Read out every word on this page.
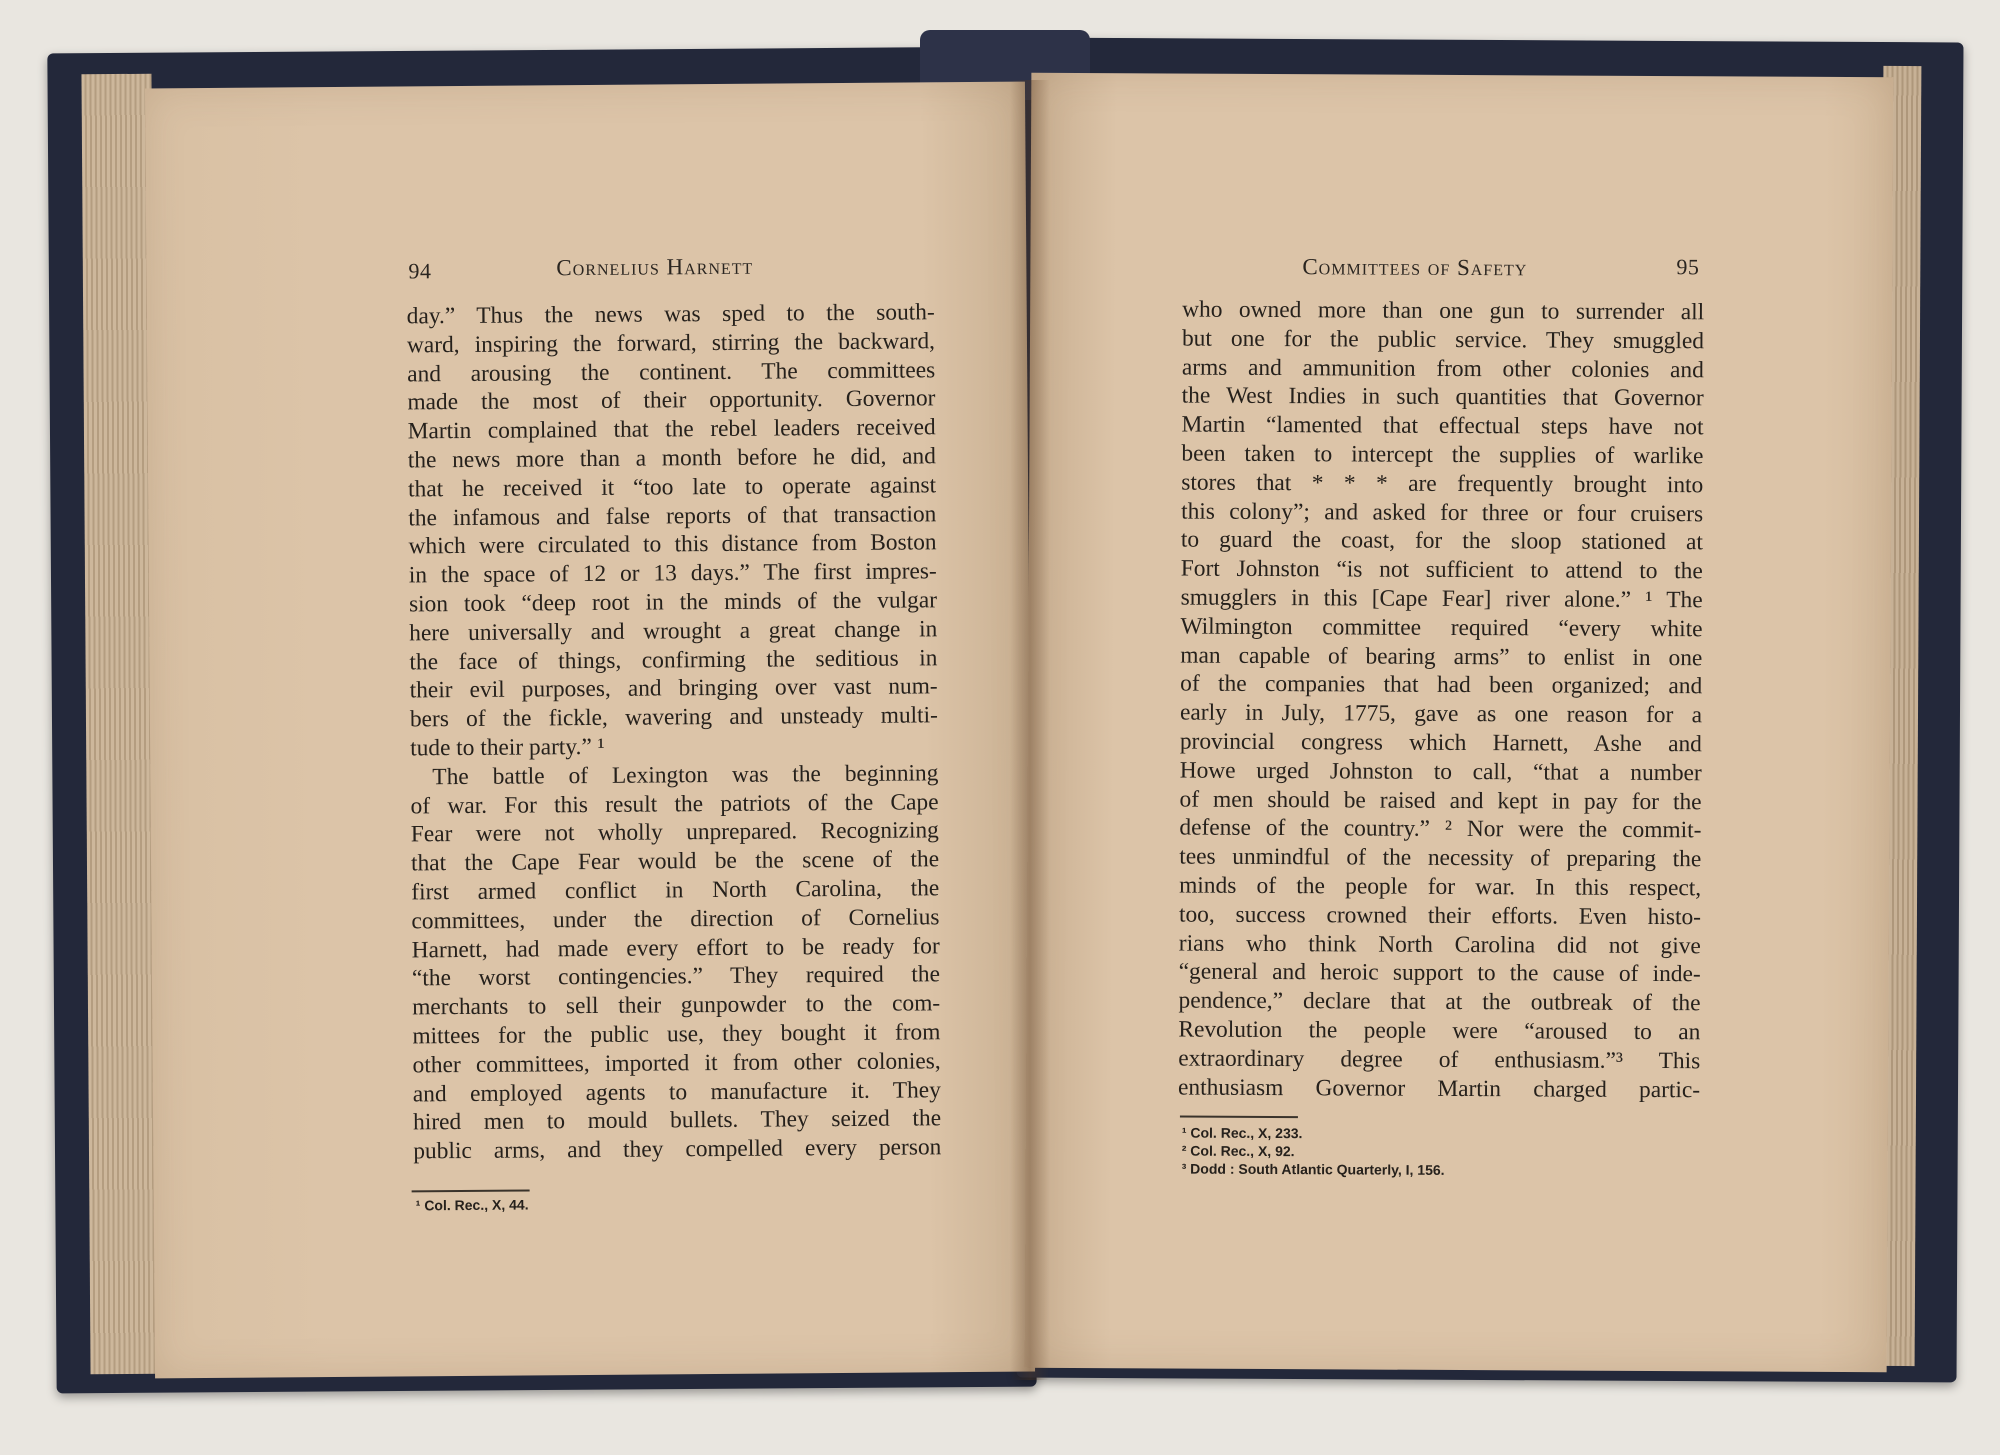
94	Cornelius Harnett
day.” Thus the news was sped to the south-
ward, inspiring the forward, stirring the backward,
and arousing the continent. The committees
made the most of their opportunity. Governor
Martin complained that the rebel leaders received
the news more than a month before he did, and
that he received it “too late to operate against
the infamous and false reports of that transaction
which were circulated to this distance from Boston
in the space of 12 or 13 days.” The first impres-
sion took “deep root in the minds of the vulgar
here universally and wrought a great change in
the face of things, confirming the seditious in
their evil purposes, and bringing over vast num-
bers of the fickle, wavering and unsteady multi-
tude to their party.” ¹
The battle of Lexington was the beginning
of war. For this result the patriots of the Cape
Fear were not wholly unprepared. Recognizing
that the Cape Fear would be the scene of the
first armed conflict in North Carolina, the
committees, under the direction of Cornelius
Harnett, had made every effort to be ready for
“the worst contingencies.” They required the
merchants to sell their gunpowder to the com-
mittees for the public use, they bought it from
other committees, imported it from other colonies,
and employed agents to manufacture it. They
hired men to mould bullets. They seized the
public arms, and they compelled every person
¹ Col. Rec., X, 44.
Committees of Safety	95
who owned more than one gun to surrender all
but one for the public service. They smuggled
arms and ammunition from other colonies and
the West Indies in such quantities that Governor
Martin “lamented that effectual steps have not
been taken to intercept the supplies of warlike
stores that * * * are frequently brought into
this colony”; and asked for three or four cruisers
to guard the coast, for the sloop stationed at
Fort Johnston “is not sufficient to attend to the
smugglers in this [Cape Fear] river alone.” ¹ The
Wilmington committee required “every white
man capable of bearing arms” to enlist in one
of the companies that had been organized; and
early in July, 1775, gave as one reason for a
provincial congress which Harnett, Ashe and
Howe urged Johnston to call, “that a number
of men should be raised and kept in pay for the
defense of the country.” ² Nor were the commit-
tees unmindful of the necessity of preparing the
minds of the people for war. In this respect,
too, success crowned their efforts. Even histo-
rians who think North Carolina did not give
“general and heroic support to the cause of inde-
pendence,” declare that at the outbreak of the
Revolution the people were “aroused to an
extraordinary degree of enthusiasm.”³ This
enthusiasm Governor Martin charged partic-
¹ Col. Rec., X, 233.
² Col. Rec., X, 92.
³ Dodd : South Atlantic Quarterly, I, 156.
